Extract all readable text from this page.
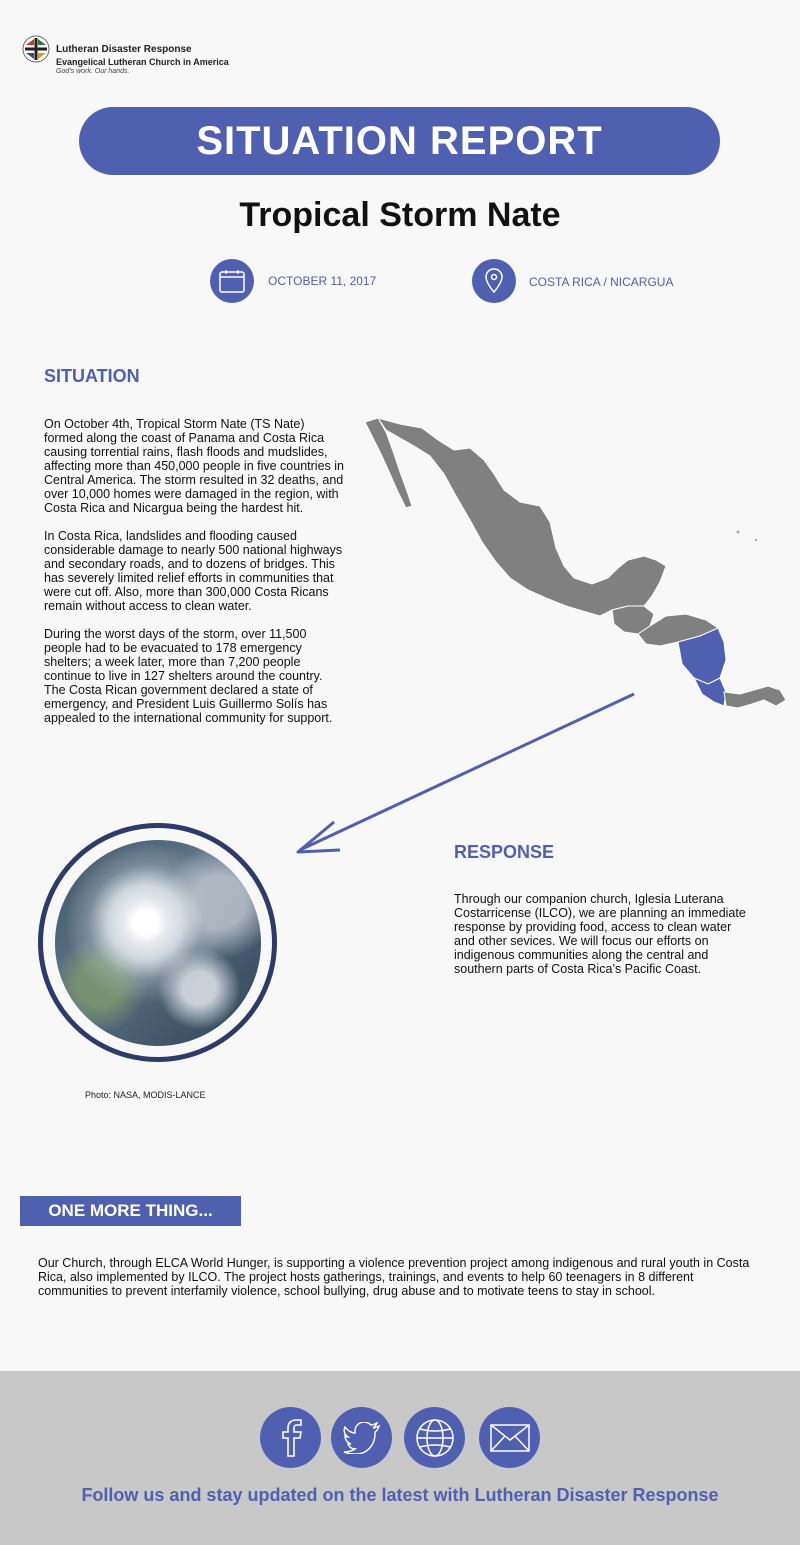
Lutheran Disaster Response
Evangelical Lutheran Church in America
God’s work. Our hands.
SITUATION REPORT
Tropical Storm Nate
OCTOBER 11, 2017	COSTA RICA / NICARGUA
SITUATION

On October 4th, Tropical Storm Nate (TS Nate) formed along the coast of Panama and Costa Rica causing torrential rains, flash floods and mudslides, affecting more than 450,000 people in five countries in Central America. The storm resulted in 32 deaths, and over 10,000 homes were damaged in the region, with Costa Rica and Nicargua being the hardest hit.

In Costa Rica, landslides and flooding caused considerable damage to nearly 500 national highways and secondary roads, and to dozens of bridges. This has severely limited relief efforts in communities that were cut off. Also, more than 300,000 Costa Ricans remain without access to clean water.

During the worst days of the storm, over 11,500 people had to be evacuated to 178 emergency shelters; a week later, more than 7,200 people continue to live in 127 shelters around the country. The Costa Rican government declared a state of emergency, and President Luis Guillermo Solís has appealed to the international community for support.

Photo: NASA, MODIS-LANCE
RESPONSE
Through our companion church, Iglesia Luterana Costarricense (ILCO), we are planning an immediate response by providing food, access to clean water and other sevices. We will focus our efforts on indigenous communities along the central and southern parts of Costa Rica’s Pacific Coast.
ONE MORE THING...
Our Church, through ELCA World Hunger, is supporting a violence prevention project among indigenous and rural youth in Costa Rica, also implemented by ILCO. The project hosts gatherings, trainings, and events to help 60 teenagers in 8 different communities to prevent interfamily violence, school bullying, drug abuse and to motivate teens to stay in school.
Follow us and stay updated on the latest with Lutheran Disaster Response
